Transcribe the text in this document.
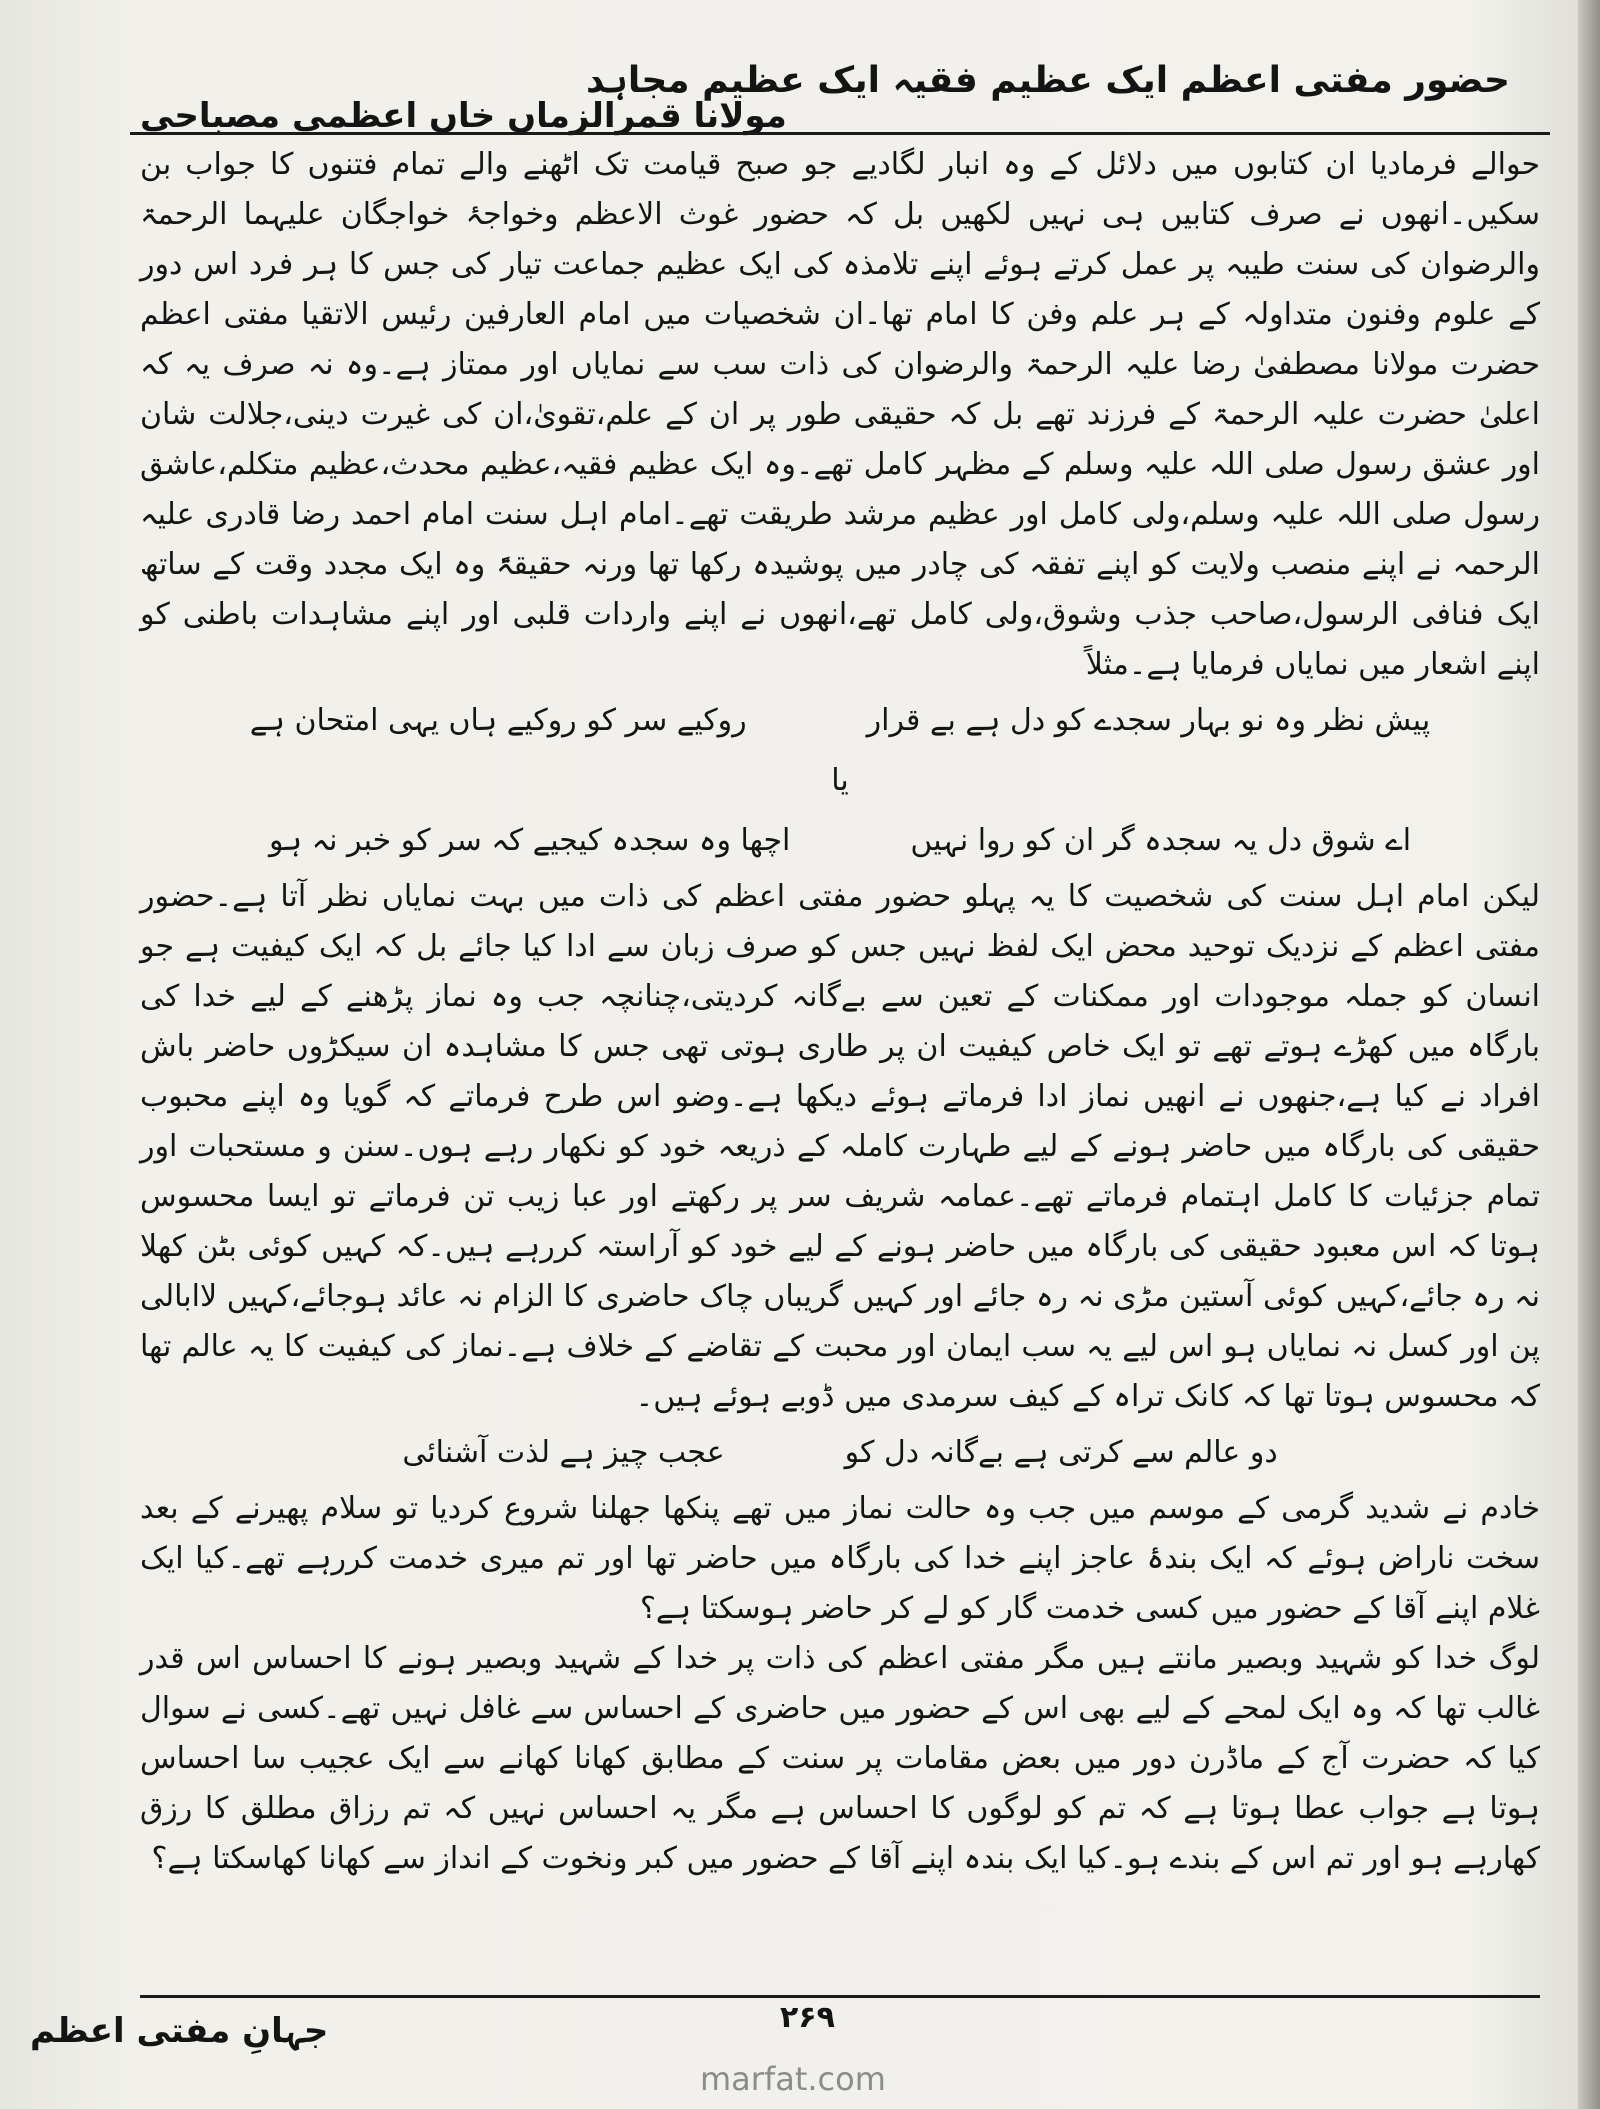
حضور مفتی اعظم ایک عظیم فقیہ ایک عظیم مجاہد
مولانا قمرالزماں خاں اعظمی مصباحی

حوالے فرمادیا ان کتابوں میں دلائل کے وہ انبار لگادیے جو صبح قیامت تک اٹھنے والے تمام فتنوں کا جواب بن سکیں۔انھوں نے صرف کتابیں ہی نہیں لکھیں بل کہ حضور غوث الاعظم وخواجۂ خواجگان علیہما الرحمۃ والرضوان کی سنت طیبہ پر عمل کرتے ہوئے اپنے تلامذہ کی ایک عظیم جماعت تیار کی جس کا ہر فرد اس دور کے علوم وفنون متداولہ کے ہر علم وفن کا امام تھا۔ان شخصیات میں امام العارفین رئیس الاتقیا مفتی اعظم حضرت مولانا مصطفیٰ رضا علیہ الرحمۃ والرضوان کی ذات سب سے نمایاں اور ممتاز ہے۔وہ نہ صرف یہ کہ اعلیٰ حضرت علیہ الرحمۃ کے فرزند تھے بل کہ حقیقی طور پر ان کے علم،تقویٰ،ان کی غیرت دینی،جلالت شان اور عشق رسول صلی اللہ علیہ وسلم کے مظہر کامل تھے۔وہ ایک عظیم فقیہ،عظیم محدث،عظیم متکلم،عاشق رسول صلی اللہ علیہ وسلم،ولی کامل اور عظیم مرشد طریقت تھے۔امام اہل سنت امام احمد رضا قادری علیہ الرحمہ نے اپنے منصب ولایت کو اپنے تفقہ کی چادر میں پوشیدہ رکھا تھا ورنہ حقیقۃً وہ ایک مجدد وقت کے ساتھ ایک فنافی الرسول،صاحب جذب وشوق،ولی کامل تھے،انھوں نے اپنے واردات قلبی اور اپنے مشاہدات باطنی کو اپنے اشعار میں نمایاں فرمایا ہے۔مثلاً

پیش نظر وہ نو بہار سجدے کو دل ہے بے قرار
روکیے سر کو روکیے ہاں یہی امتحان ہے
یا
اے شوق دل یہ سجدہ گر ان کو روا نہیں
اچھا وہ سجدہ کیجیے کہ سر کو خبر نہ ہو

لیکن امام اہل سنت کی شخصیت کا یہ پہلو حضور مفتی اعظم کی ذات میں بہت نمایاں نظر آتا ہے۔حضور مفتی اعظم کے نزدیک توحید محض ایک لفظ نہیں جس کو صرف زبان سے ادا کیا جائے بل کہ ایک کیفیت ہے جو انسان کو جملہ موجودات اور ممکنات کے تعین سے بےگانہ کردیتی،چنانچہ جب وہ نماز پڑھنے کے لیے خدا کی بارگاہ میں کھڑے ہوتے تھے تو ایک خاص کیفیت ان پر طاری ہوتی تھی جس کا مشاہدہ ان سیکڑوں حاضر باش افراد نے کیا ہے،جنھوں نے انھیں نماز ادا فرماتے ہوئے دیکھا ہے۔وضو اس طرح فرماتے کہ گویا وہ اپنے محبوب حقیقی کی بارگاہ میں حاضر ہونے کے لیے طہارت کاملہ کے ذریعہ خود کو نکھار رہے ہوں۔سنن و مستحبات اور تمام جزئیات کا کامل اہتمام فرماتے تھے۔عمامہ شریف سر پر رکھتے اور عبا زیب تن فرماتے تو ایسا محسوس ہوتا کہ اس معبود حقیقی کی بارگاہ میں حاضر ہونے کے لیے خود کو آراستہ کررہے ہیں۔کہ کہیں کوئی بٹن کھلا نہ رہ جائے،کہیں کوئی آستین مڑی نہ رہ جائے اور کہیں گریباں چاک حاضری کا الزام نہ عائد ہوجائے،کہیں لاابالی پن اور کسل نہ نمایاں ہو اس لیے یہ سب ایمان اور محبت کے تقاضے کے خلاف ہے۔نماز کی کیفیت کا یہ عالم تھا کہ محسوس ہوتا تھا کہ کانک تراہ کے کیف سرمدی میں ڈوبے ہوئے ہیں۔

دو عالم سے کرتی ہے بےگانہ دل کو
عجب چیز ہے لذت آشنائی

خادم نے شدید گرمی کے موسم میں جب وہ حالت نماز میں تھے پنکھا جھلنا شروع کردیا تو سلام پھیرنے کے بعد سخت ناراض ہوئے کہ ایک بندۂ عاجز اپنے خدا کی بارگاہ میں حاضر تھا اور تم میری خدمت کررہے تھے۔کیا ایک غلام اپنے آقا کے حضور میں کسی خدمت گار کو لے کر حاضر ہوسکتا ہے؟

لوگ خدا کو شہید وبصیر مانتے ہیں مگر مفتی اعظم کی ذات پر خدا کے شہید وبصیر ہونے کا احساس اس قدر غالب تھا کہ وہ ایک لمحے کے لیے بھی اس کے حضور میں حاضری کے احساس سے غافل نہیں تھے۔کسی نے سوال کیا کہ حضرت آج کے ماڈرن دور میں بعض مقامات پر سنت کے مطابق کھانا کھانے سے ایک عجیب سا احساس ہوتا ہے جواب عطا ہوتا ہے کہ تم کو لوگوں کا احساس ہے مگر یہ احساس نہیں کہ تم رزاق مطلق کا رزق کھارہے ہو اور تم اس کے بندے ہو۔کیا ایک بندہ اپنے آقا کے حضور میں کبر ونخوت کے انداز سے کھانا کھاسکتا ہے؟

۲۶۹
جہانِ مفتی اعظم
marfat.com
